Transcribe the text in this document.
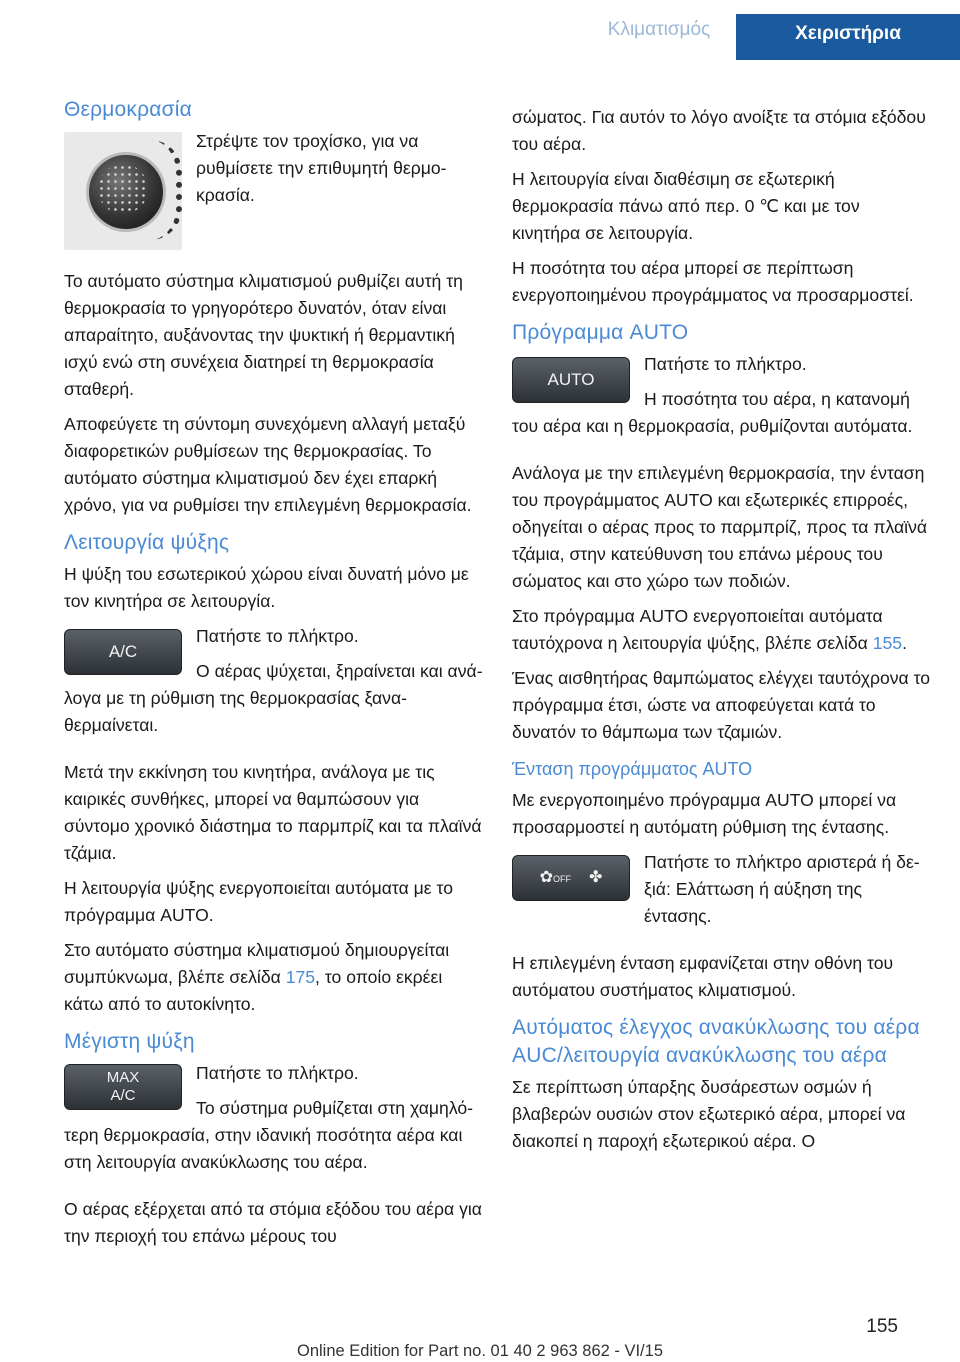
Κλιματισμός	Χειριστήρια
Θερμοκρασία

Στρέψτε τον τροχίσκο, για να ρυθμίσετε την επιθυμητή θερμοκρασία.

Το αυτόματο σύστημα κλιματισμού ρυθμίζει αυτή τη θερμοκρασία το γρηγορότερο δυνατόν, όταν είναι απαραίτητο, αυξάνοντας την ψυκτική ή θερμαντική ισχύ ενώ στη συνέχεια διατηρεί τη θερμοκρασία σταθερή.

Αποφεύγετε τη σύντομη συνεχόμενη αλλαγή μεταξύ διαφορετικών ρυθμίσεων της θερμοκρασίας. Το αυτόματο σύστημα κλιματισμού δεν έχει επαρκή χρόνο, για να ρυθμίσει την επιλεγμένη θερμοκρασία.

Λειτουργία ψύξης

Η ψύξη του εσωτερικού χώρου είναι δυνατή μόνο με τον κινητήρα σε λειτουργία.

A/C

Πατήστε το πλήκτρο.

Ο αέρας ψύχεται, ξηραίνεται και ανάλογα με τη ρύθμιση της θερμοκρασίας ξαναθερμαίνεται.

Μετά την εκκίνηση του κινητήρα, ανάλογα με τις καιρικές συνθήκες, μπορεί να θαμπώσουν για σύντομο χρονικό διάστημα το παρμπρίζ και τα πλαϊνά τζάμια.

Η λειτουργία ψύξης ενεργοποιείται αυτόματα με το πρόγραμμα AUTO.

Στο αυτόματο σύστημα κλιματισμού δημιουργείται συμπύκνωμα, βλέπε σελίδα 175, το οποίο εκρέει κάτω από το αυτοκίνητο.

Μέγιστη ψύξη
MAX
A/C

Πατήστε το πλήκτρο.

Το σύστημα ρυθμίζεται στη χαμηλότερη θερμοκρασία, στην ιδανική ποσότητα αέρα και στη λειτουργία ανακύκλωσης του αέρα.

Ο αέρας εξέρχεται από τα στόμια εξόδου του αέρα για την περιοχή του επάνω μέρους του

σώματος. Για αυτόν το λόγο ανοίξτε τα στόμια εξόδου του αέρα.

Η λειτουργία είναι διαθέσιμη σε εξωτερική θερμοκρασία πάνω από περ. 0 ℃ και με τον κινητήρα σε λειτουργία.

Η ποσότητα του αέρα μπορεί σε περίπτωση ενεργοποιημένου προγράμματος να προσαρμοστεί.

Πρόγραμμα AUTO
AUTO

Πατήστε το πλήκτρο.

Η ποσότητα του αέρα, η κατανομή του αέρα και η θερμοκρασία, ρυθμίζονται αυτόματα.

Ανάλογα με την επιλεγμένη θερμοκρασία, την ένταση του προγράμματος AUTO και εξωτερικές επιρροές, οδηγείται ο αέρας προς το παρμπρίζ, προς τα πλαϊνά τζάμια, στην κατεύθυνση του επάνω μέρους του σώματος και στο χώρο των ποδιών.

Στο πρόγραμμα AUTO ενεργοποιείται αυτόματα ταυτόχρονα η λειτουργία ψύξης, βλέπε σελίδα 155.

Ένας αισθητήρας θαμπώματος ελέγχει ταυτόχρονα το πρόγραμμα έτσι, ώστε να αποφεύγεται κατά το δυνατόν το θάμπωμα των τζαμιών.

Ένταση προγράμματος AUTO

Με ενεργοποιημένο πρόγραμμα AUTO μπορεί να προσαρμοστεί η αυτόματη ρύθμιση της έντασης.

✿OFF ✤

Πατήστε το πλήκτρο αριστερά ή δεξιά: Ελάττωση ή αύξηση της έντασης.

Η επιλεγμένη ένταση εμφανίζεται στην οθόνη του αυτόματου συστήματος κλιματισμού.

Αυτόματος έλεγχος ανακύκλωσης του αέρα AUC/λειτουργία ανακύκλωσης του αέρα

Σε περίπτωση ύπαρξης δυσάρεστων οσμών ή βλαβερών ουσιών στον εξωτερικό αέρα, μπορεί να διακοπεί η παροχή εξωτερικού αέρα. Ο

155
Online Edition for Part no. 01 40 2 963 862 - VI/15
